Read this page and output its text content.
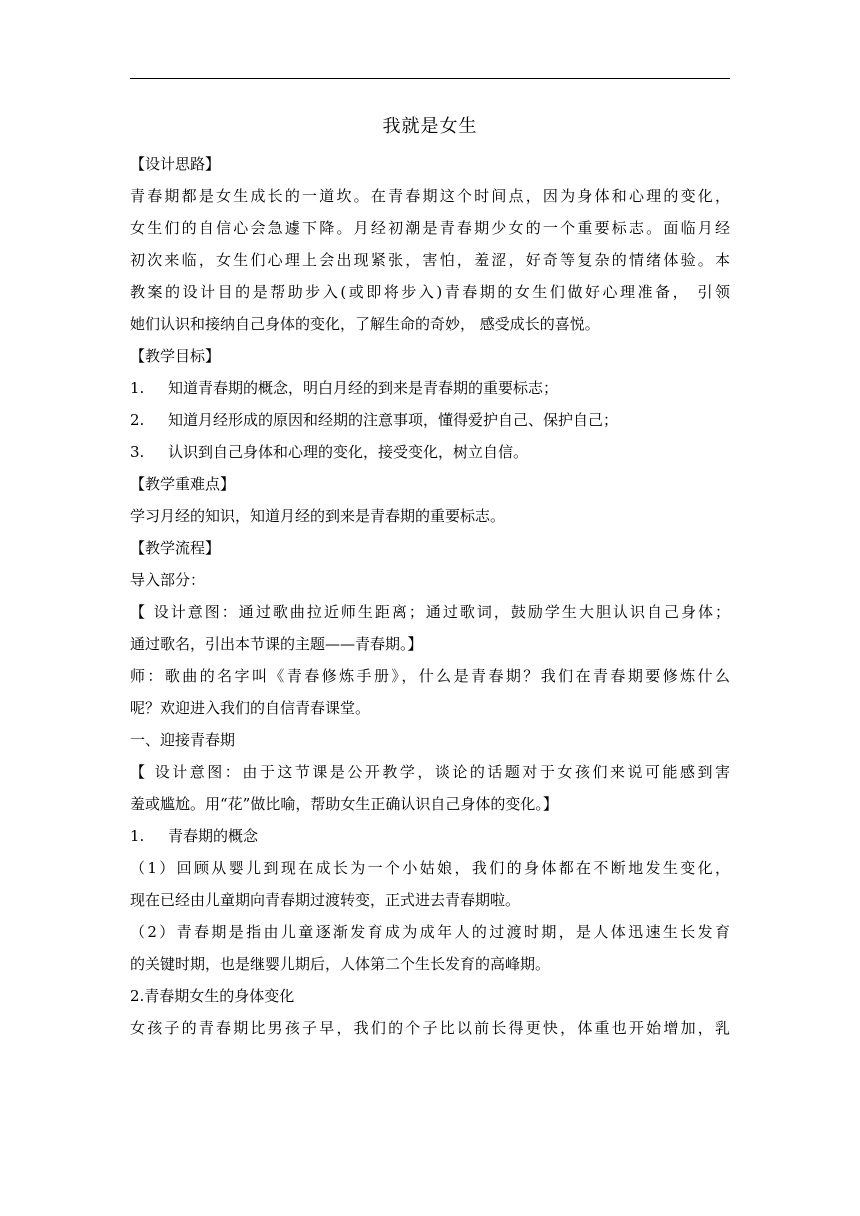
我就是女生
【设计思路】
青春期都是女生成长的一道坎。在青春期这个时间点，因为身体和心理的变化，
女生们的自信心会急遽下降。月经初潮是青春期少女的一个重要标志。面临月经
初次来临，女生们心理上会出现紧张，害怕，羞涩，好奇等复杂的情绪体验。本
教案的设计目的是帮助步入(或即将步入)青春期的女生们做好心理准备， 引领
她们认识和接纳自己身体的变化，了解生命的奇妙， 感受成长的喜悦。
【教学目标】
1. 知道青春期的概念，明白月经的到来是青春期的重要标志；
2. 知道月经形成的原因和经期的注意事项，懂得爱护自己、保护自己；
3. 认识到自己身体和心理的变化，接受变化，树立自信。
【教学重难点】
学习月经的知识，知道月经的到来是青春期的重要标志。
【教学流程】
导入部分：
【 设计意图：通过歌曲拉近师生距离；通过歌词，鼓励学生大胆认识自己身体；
通过歌名，引出本节课的主题——青春期。】
师：歌曲的名字叫《青春修炼手册》，什么是青春期？我们在青春期要修炼什么
呢？欢迎进入我们的自信青春课堂。
一、迎接青春期
【 设计意图：由于这节课是公开教学，谈论的话题对于女孩们来说可能感到害
羞或尴尬。用“花”做比喻，帮助女生正确认识自己身体的变化。】
1. 青春期的概念
（1）回顾从婴儿到现在成长为一个小姑娘，我们的身体都在不断地发生变化，
现在已经由儿童期向青春期过渡转变，正式进去青春期啦。
（2）青春期是指由儿童逐渐发育成为成年人的过渡时期，是人体迅速生长发育
的关键时期，也是继婴儿期后，人体第二个生长发育的高峰期。
2.青春期女生的身体变化
女孩子的青春期比男孩子早，我们的个子比以前长得更快，体重也开始增加，乳
